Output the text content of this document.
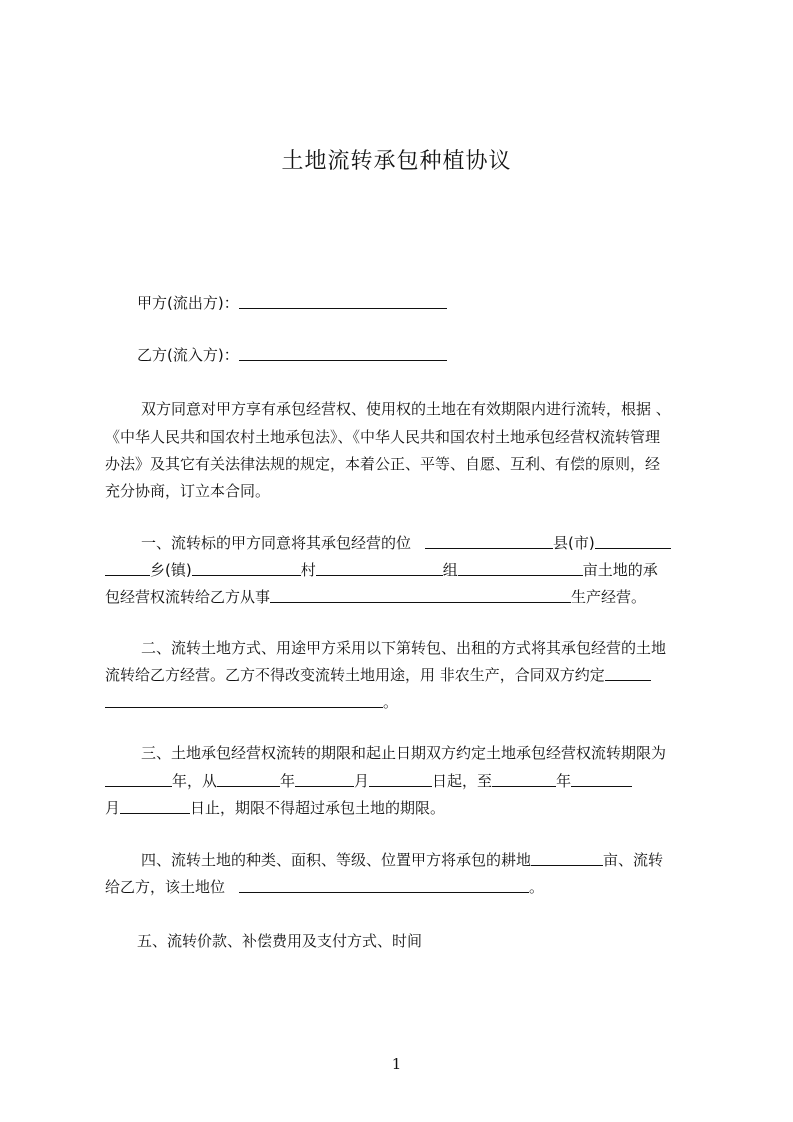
土地流转承包种植协议
甲方(流出方)：
乙方(流入方)：
双方同意对甲方享有承包经营权、使用权的土地在有效期限内进行流转，根据 、
《中华人民共和国农村土地承包法》、《中华人民共和国农村土地承包经营权流转管理
办法》及其它有关法律法规的规定，本着公正、平等、自愿、互利、有偿的原则，经
充分协商，订立本合同。
一、流转标的甲方同意将其承包经营的位	县(市)
乡(镇)	村	组	亩土地的承
包经营权流转给乙方从事	生产经营。
二、流转土地方式、用途甲方采用以下第转包、出租的方式将其承包经营的土地
流转给乙方经营。乙方不得改变流转土地用途，用 非农生产，合同双方约定
。
三、土地承包经营权流转的期限和起止日期双方约定土地承包经营权流转期限为
年，从	年	月	日起，至	年
月	日止，期限不得超过承包土地的期限。
四、流转土地的种类、面积、等级、位置甲方将承包的耕地	亩、流转
给乙方，该土地位	。
五、流转价款、补偿费用及支付方式、时间
1
